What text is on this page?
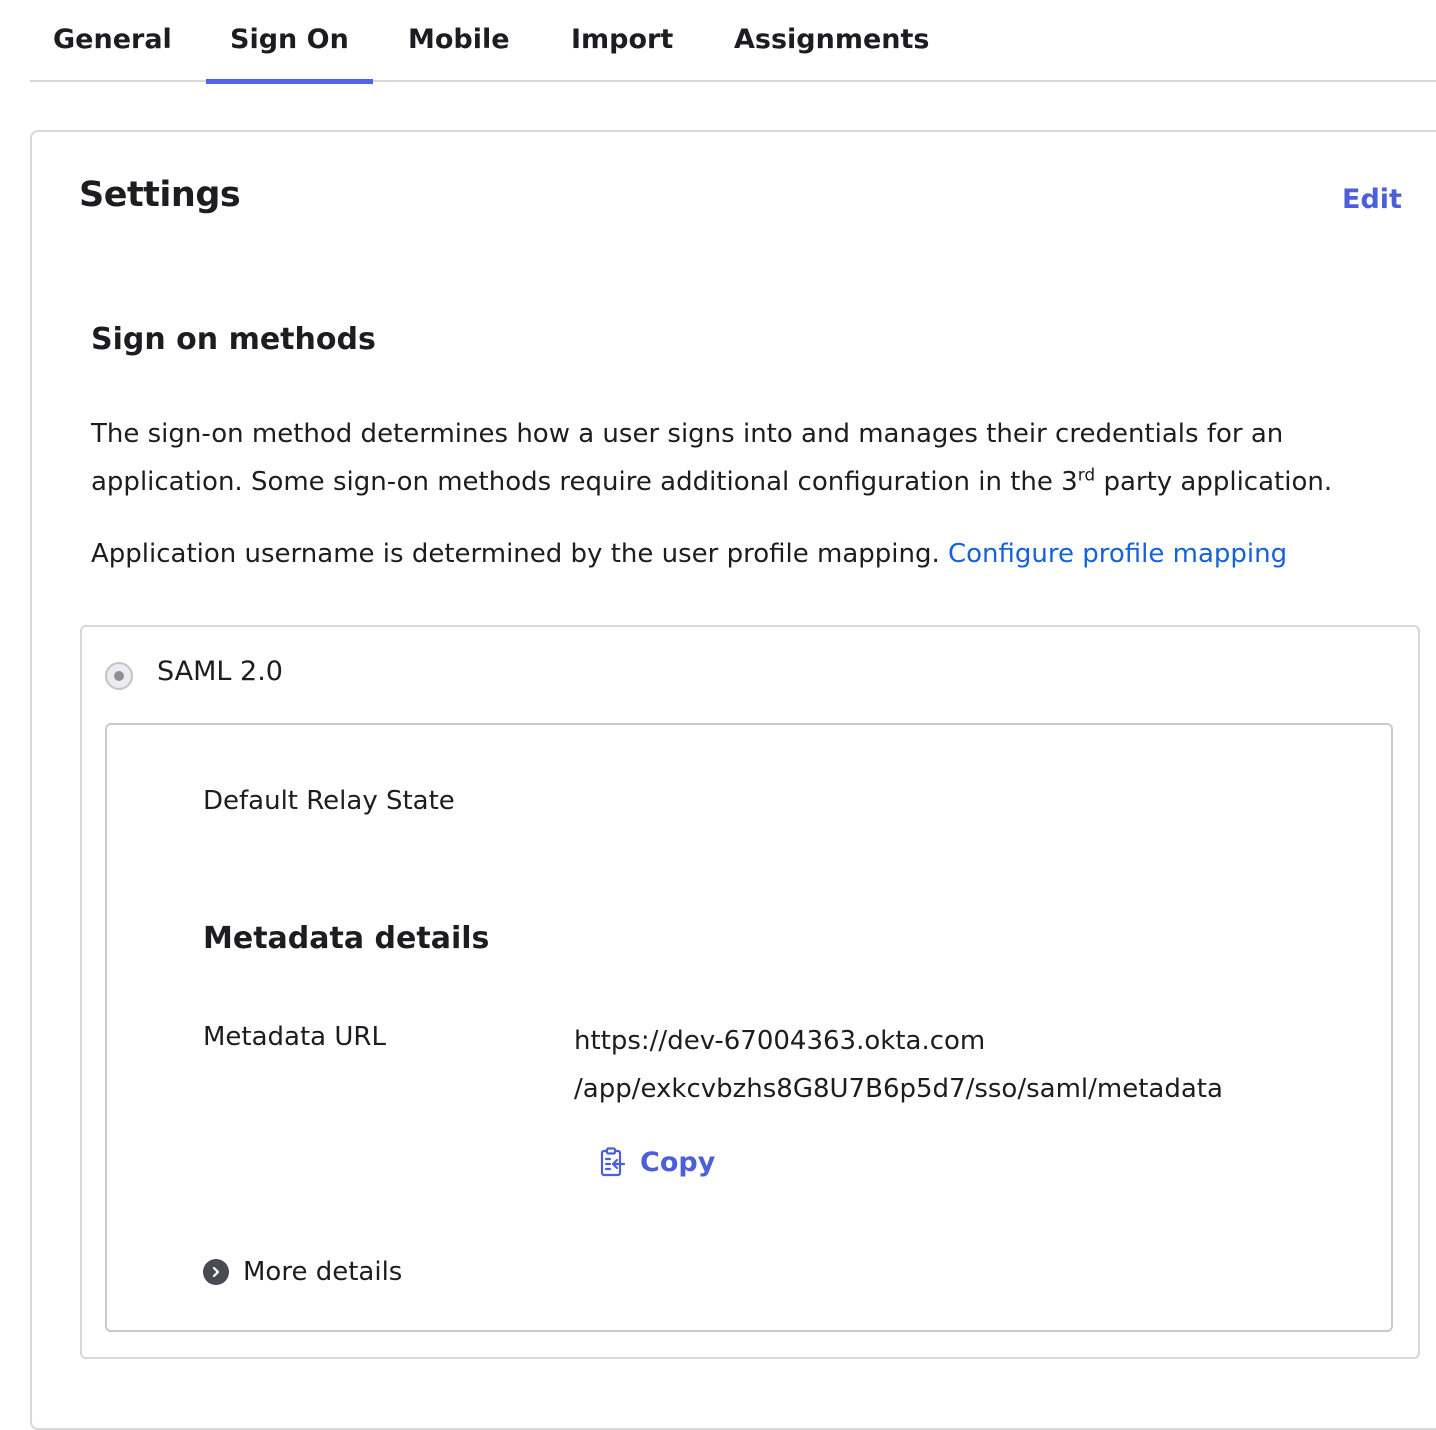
General Sign On Mobile Import Assignments
Settings	Edit
Sign on methods

The sign-on method determines how a user signs into and manages their credentials for an application. Some sign-on methods require additional configuration in the 3rd party application.

Application username is determined by the user profile mapping. Configure profile mapping
SAML 2.0
Default Relay State
Metadata details
Metadata URL	https://dev-67004363.okta.com
/app/exkcvbzhs8G8U7B6p5d7/sso/saml/metadata
Copy
More details
